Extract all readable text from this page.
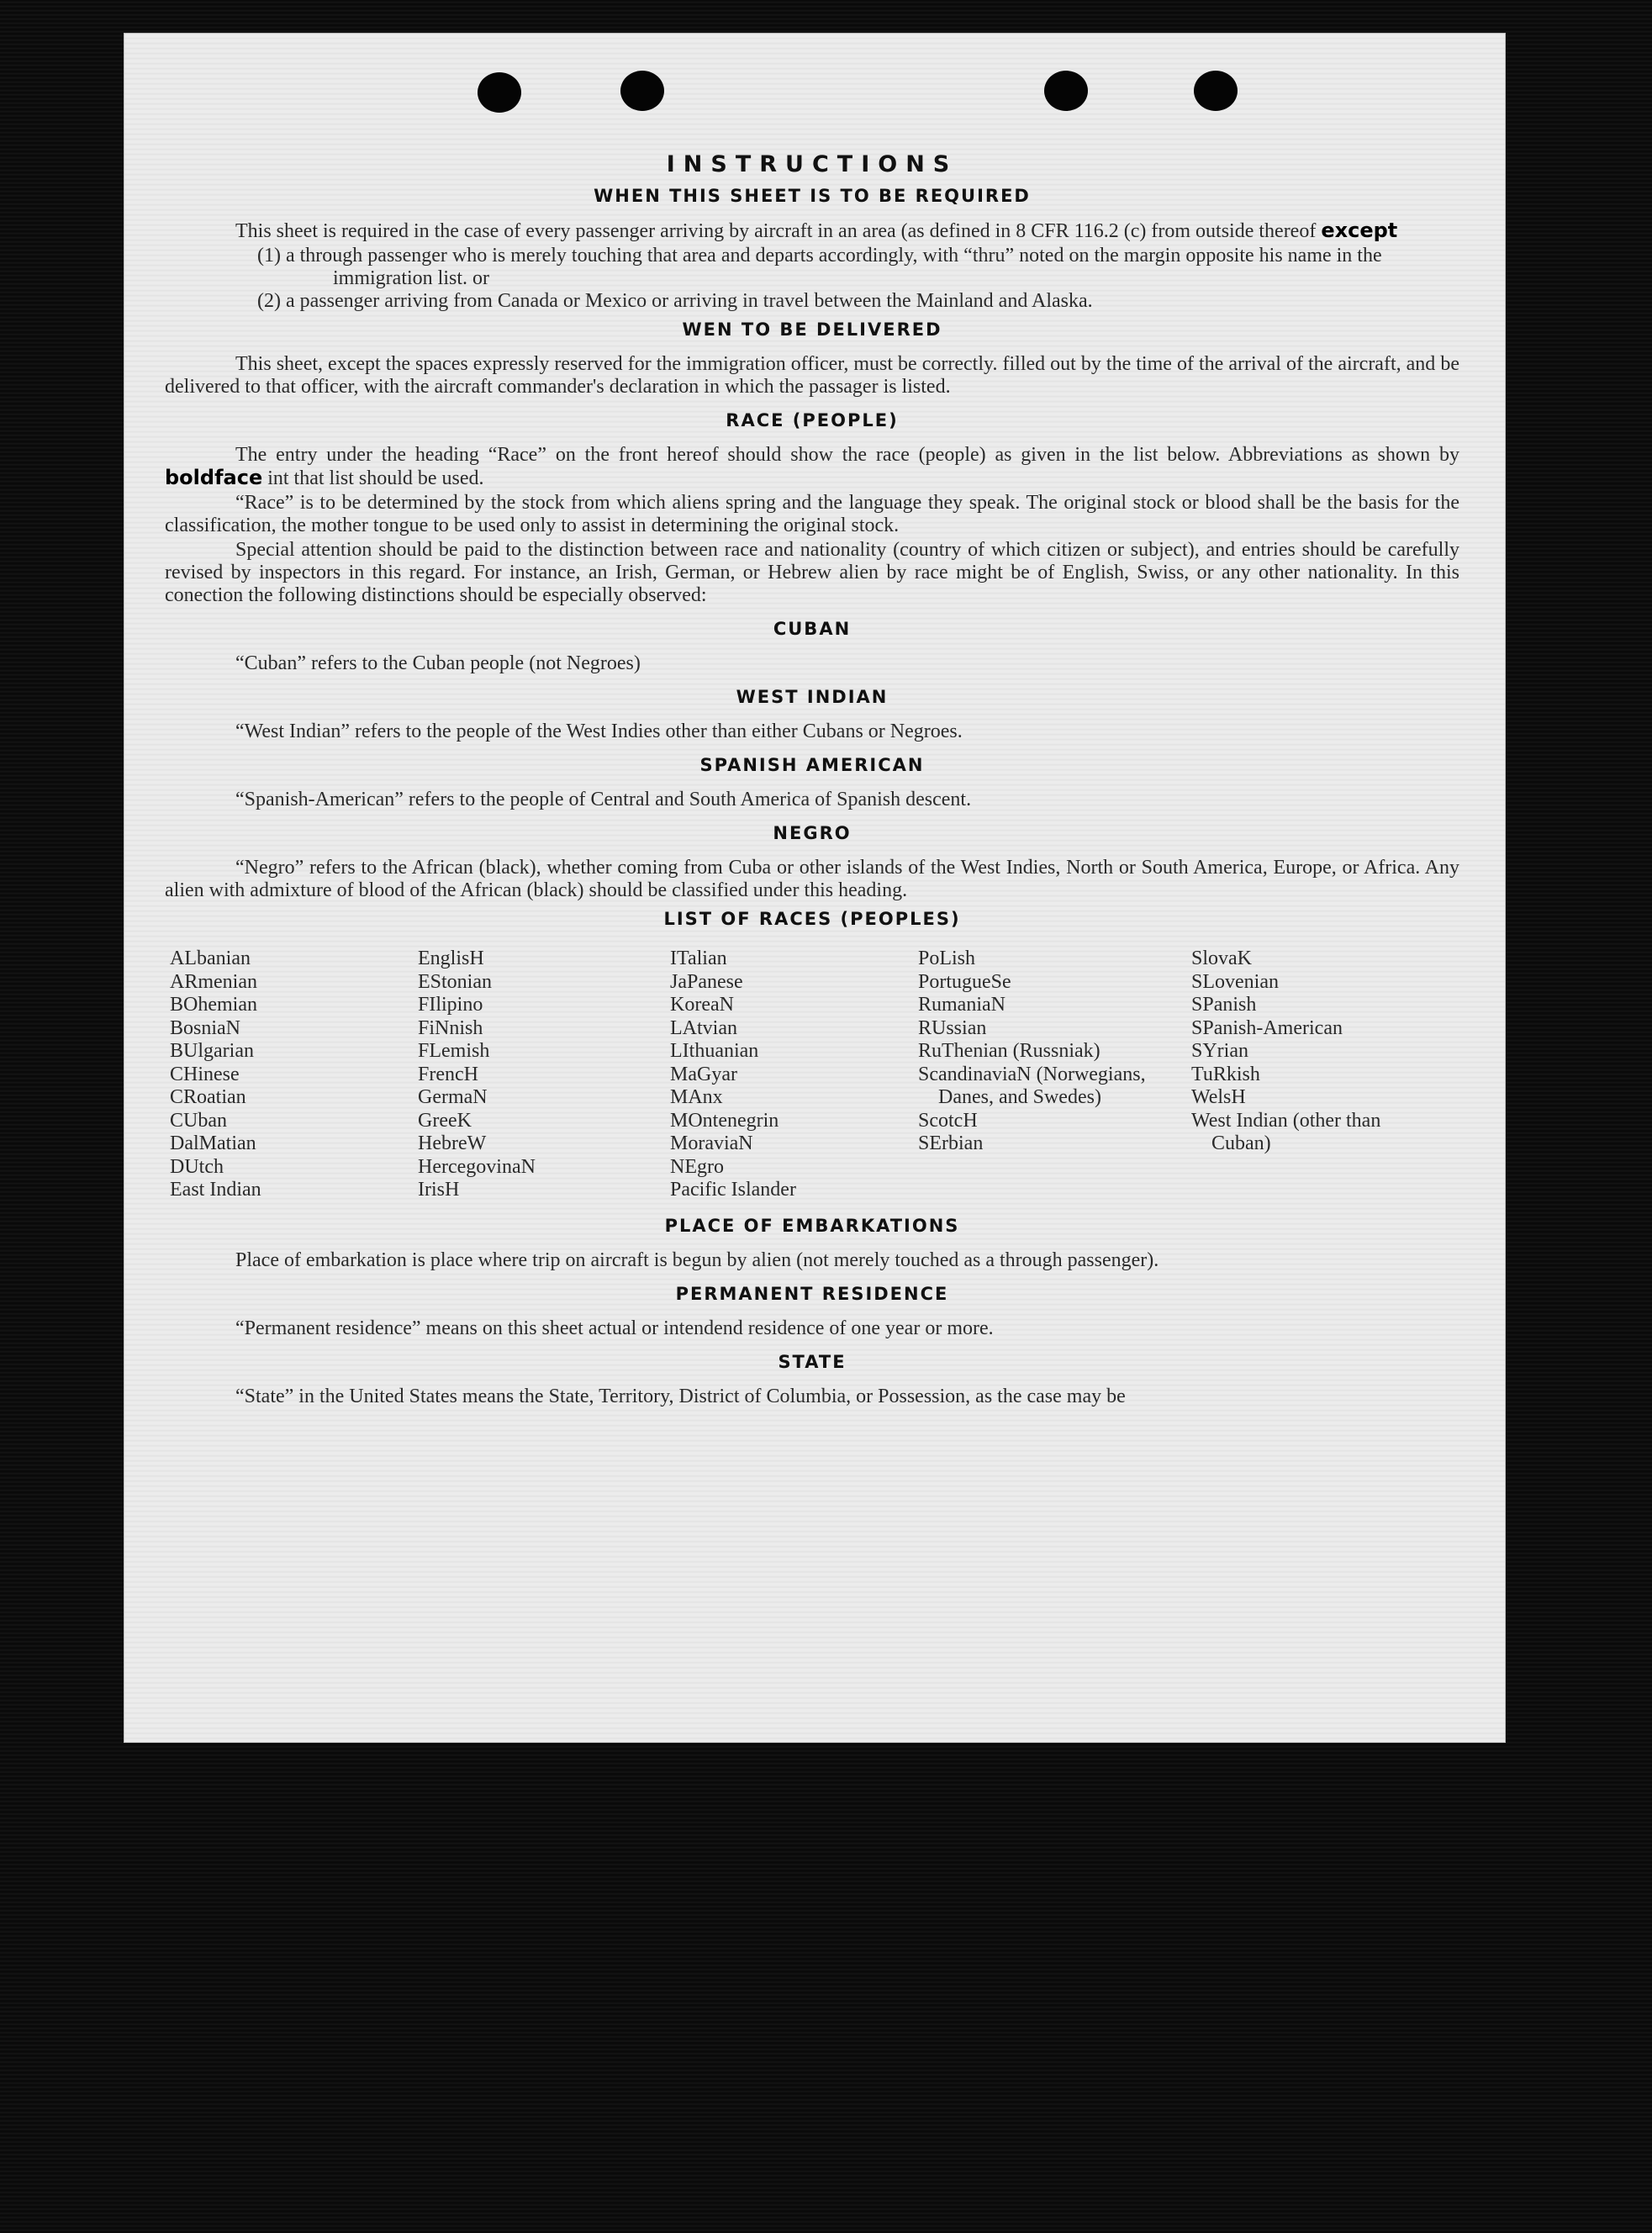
INSTRUCTIONS
WHEN THIS SHEET IS TO BE REQUIRED

This sheet is required in the case of every passenger arriving by aircraft in an area (as defined in 8 CFR 116.2 (c) from outside thereof except

(1) a through passenger who is merely touching that area and departs accordingly, with “thru” noted on the margin opposite his name in the immigration list. or
(2) a passenger arriving from Canada or Mexico or arriving in travel between the Mainland and Alaska.
WEN TO BE DELIVERED

This sheet, except the spaces expressly reserved for the immigration officer, must be correctly. filled out by the time of the arrival of the aircraft, and be delivered to that officer, with the aircraft commander's declaration in which the passager is listed.

RACE (PEOPLE)

The entry under the heading “Race” on the front hereof should show the race (people) as given in the list below. Abbreviations as shown by boldface int that list should be used.

“Race” is to be determined by the stock from which aliens spring and the language they speak. The original stock or blood shall be the basis for the classification, the mother tongue to be used only to assist in determining the original stock.

Special attention should be paid to the distinction between race and nationality (country of which citizen or subject), and entries should be carefully revised by inspectors in this regard. For instance, an Irish, German, or Hebrew alien by race might be of English, Swiss, or any other nationality. In this conection the following distinctions should be especially observed:

CUBAN

“Cuban” refers to the Cuban people (not Negroes)

WEST INDIAN

“West Indian” refers to the people of the West Indies other than either Cubans or Negroes.

SPANISH AMERICAN

“Spanish-American” refers to the people of Central and South America of Spanish descent.

NEGRO

“Negro” refers to the African (black), whether coming from Cuba or other islands of the West Indies, North or South America, Europe, or Africa. Any alien with admixture of blood of the African (black) should be classified under this heading.

LIST OF RACES (PEOPLES)
ALbanian
ARmenian
BOhemian
BosniaN
BUlgarian
CHinese
CRoatian
CUban
DalMatian
DUtch
East Indian
EnglisH
EStonian
FIlipino
FiNnish
FLemish
FrencH
GermaN
GreeK
HebreW
HercegovinaN
IrisH
ITalian
JaPanese
KoreaN
LAtvian
LIthuanian
MaGyar
MAnx
MOntenegrin
MoraviaN
NEgro
Pacific Islander
PoLish
PortugueSe
RumaniaN
RUssian
RuThenian (Russniak)
ScandinaviaN (Norwegians, Danes, and Swedes)
ScotcH
SErbian
SlovaK
SLovenian
SPanish
SPanish-American
SYrian
TuRkish
WelsH
West Indian (other than Cuban)
PLACE OF EMBARKATIONS

Place of embarkation is place where trip on aircraft is begun by alien (not merely touched as a through passenger).

PERMANENT RESIDENCE

“Permanent residence” means on this sheet actual or intendend residence of one year or more.

STATE

“State” in the United States means the State, Territory, District of Columbia, or Possession, as the case may be
